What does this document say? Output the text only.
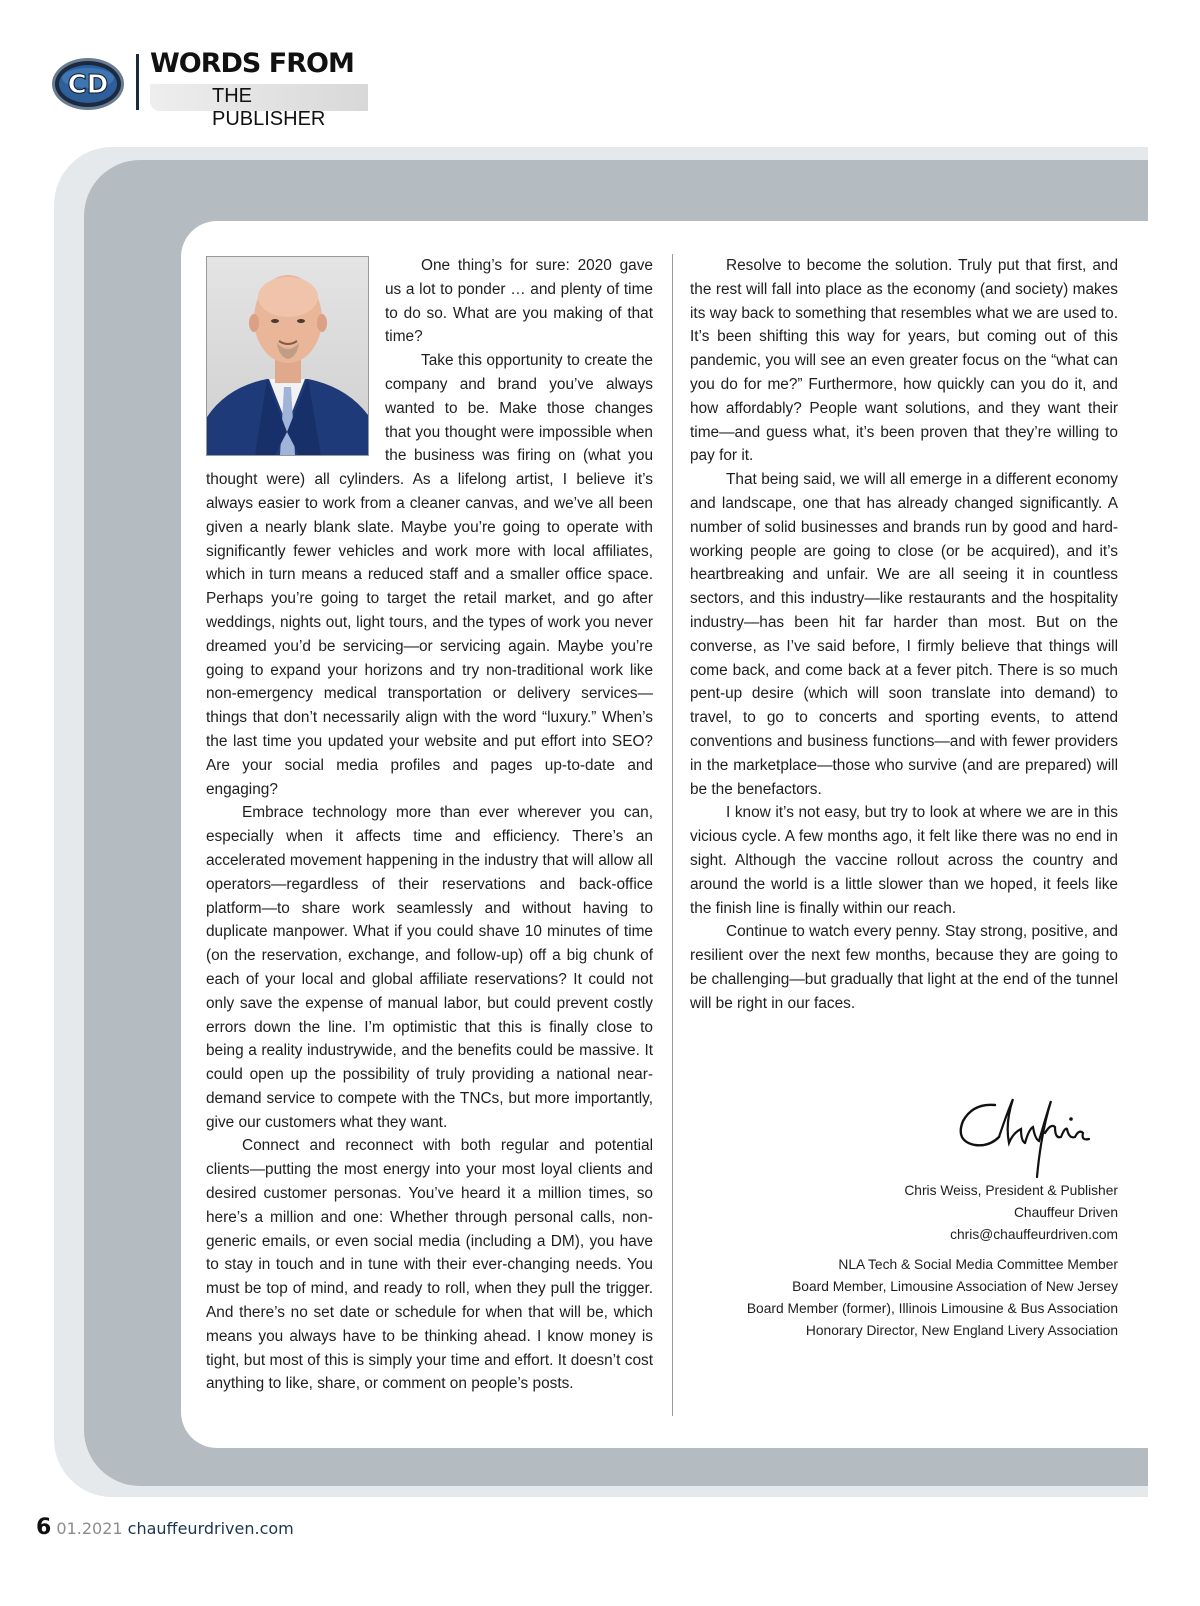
CD
WORDS FROM
THE PUBLISHER

One thing’s for sure: 2020 gave us a lot to ponder … and plenty of time to do so. What are you making of that time?

Take this opportunity to create the company and brand you’ve always wanted to be. Make those changes that you thought were impossible when the business was firing on (what you thought were) all cylinders. As a lifelong artist, I believe it’s always easier to work from a cleaner canvas, and we’ve all been given a nearly blank slate. Maybe you’re going to operate with significantly fewer vehicles and work more with local affiliates, which in turn means a reduced staff and a smaller office space. Perhaps you’re going to target the retail market, and go after weddings, nights out, light tours, and the types of work you never dreamed you’d be servicing—or servicing again. Maybe you’re going to expand your horizons and try non-traditional work like non-emergency medical transportation or delivery services—things that don’t necessarily align with the word “luxury.” When’s the last time you updated your website and put effort into SEO? Are your social media profiles and pages up-to-date and engaging?

Embrace technology more than ever wherever you can, especially when it affects time and efficiency. There’s an accelerated movement happening in the industry that will allow all operators—regardless of their reservations and back-office platform—to share work seamlessly and without having to duplicate manpower. What if you could shave 10 minutes of time (on the reservation, exchange, and follow-up) off a big chunk of each of your local and global affiliate reservations? It could not only save the expense of manual labor, but could prevent costly errors down the line. I’m optimistic that this is finally close to being a reality industrywide, and the benefits could be massive. It could open up the possibility of truly providing a national near-demand service to compete with the TNCs, but more importantly, give our customers what they want.

Connect and reconnect with both regular and potential clients—putting the most energy into your most loyal clients and desired customer personas. You’ve heard it a million times, so here’s a million and one: Whether through personal calls, non-generic emails, or even social media (including a DM), you have to stay in touch and in tune with their ever-changing needs. You must be top of mind, and ready to roll, when they pull the trigger. And there’s no set date or schedule for when that will be, which means you always have to be thinking ahead. I know money is tight, but most of this is simply your time and effort. It doesn’t cost anything to like, share, or comment on people’s posts.

Resolve to become the solution. Truly put that first, and the rest will fall into place as the economy (and society) makes its way back to something that resembles what we are used to. It’s been shifting this way for years, but coming out of this pandemic, you will see an even greater focus on the “what can you do for me?” Furthermore, how quickly can you do it, and how affordably? People want solutions, and they want their time—and guess what, it’s been proven that they’re willing to pay for it.

That being said, we will all emerge in a different economy and landscape, one that has already changed significantly. A number of solid businesses and brands run by good and hard-working people are going to close (or be acquired), and it’s heartbreaking and unfair. We are all seeing it in countless sectors, and this industry—like restaurants and the hospitality industry—has been hit far harder than most. But on the converse, as I’ve said before, I firmly believe that things will come back, and come back at a fever pitch. There is so much pent-up desire (which will soon translate into demand) to travel, to go to concerts and sporting events, to attend conventions and business functions—and with fewer providers in the marketplace—those who survive (and are prepared) will be the benefactors.

I know it’s not easy, but try to look at where we are in this vicious cycle. A few months ago, it felt like there was no end in sight. Although the vaccine rollout across the country and around the world is a little slower than we hoped, it feels like the finish line is finally within our reach.

Continue to watch every penny. Stay strong, positive, and resilient over the next few months, because they are going to be challenging—but gradually that light at the end of the tunnel will be right in our faces.

Chris Weiss, President & Publisher
Chauffeur Driven
chris@chauffeurdriven.com
NLA Tech & Social Media Committee Member
Board Member, Limousine Association of New Jersey
Board Member (former), Illinois Limousine & Bus Association
Honorary Director, New England Livery Association
6 01.2021 chauffeurdriven.com
